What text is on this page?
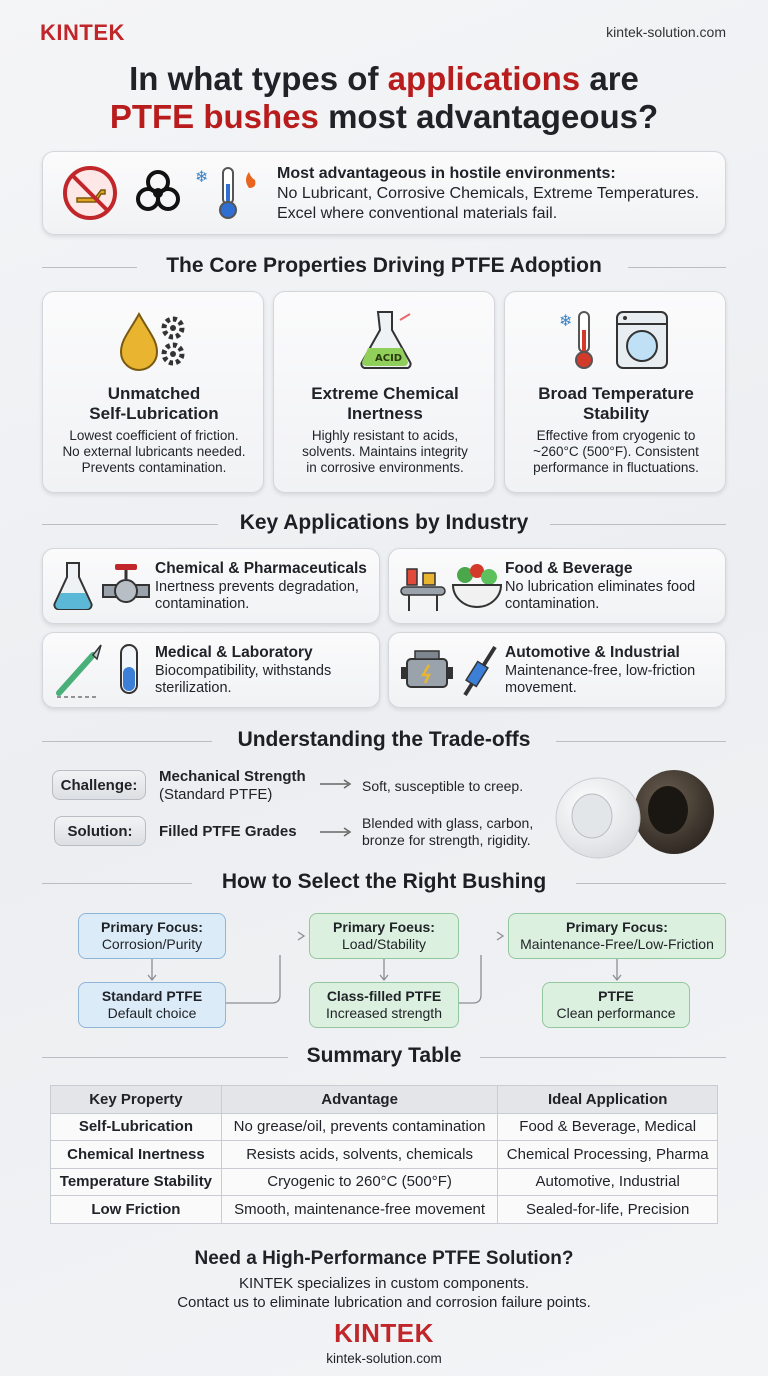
KINTEK	kintek-solution.com
In what types of applications are
PTFE bushes most advantageous?
❄	Most advantageous in hostile environments:
No Lubricant, Corrosive Chemicals, Extreme Temperatures.
Excel where conventional materials fail.
The Core Properties Driving PTFE Adoption
Unmatched
Self-Lubrication
Lowest coefficient of friction.
No external lubricants needed.
Prevents contamination.
ACID
Extreme Chemical
Inertness
Highly resistant to acids,
solvents. Maintains integrity
in corrosive environments.
❄
Broad Temperature
Stability
Effective from cryogenic to
~260°C (500°F). Consistent
performance in fluctuations.
Key Applications by Industry
Chemical & Pharmaceuticals
Inertness prevents degradation,
contamination.
Food & Beverage
No lubrication eliminates food
contamination.
Medical & Laboratory
Biocompatibility, withstands
sterilization.
Automotive & Industrial
Maintenance-free, low-friction
movement.
Understanding the Trade-offs
Challenge:	Mechanical Strength
(Standard PTFE)	Soft, susceptible to creep.
Solution:	Filled PTFE Grades	Blended with glass, carbon,
bronze for strength, rigidity.
How to Select the Right Bushing
Primary Focus:
Corrosion/Purity
Primary Foeus:
Load/Stability
Primary Focus:
Maintenance-Free/Low-Friction
Standard PTFE
Default choice
Class-filled PTFE
Increased strength
PTFE
Clean performance
Summary Table
Key Property	Advantage	Ideal Application
Self-Lubrication	No grease/oil, prevents contamination	Food & Beverage, Medical
Chemical Inertness	Resists acids, solvents, chemicals	Chemical Processing, Pharma
Temperature Stability	Cryogenic to 260°C (500°F)	Automotive, Industrial
Low Friction	Smooth, maintenance-free movement	Sealed-for-life, Precision
Need a High-Performance PTFE Solution?
KINTEK specializes in custom components.
Contact us to eliminate lubrication and corrosion failure points.
KINTEK
kintek-solution.com
